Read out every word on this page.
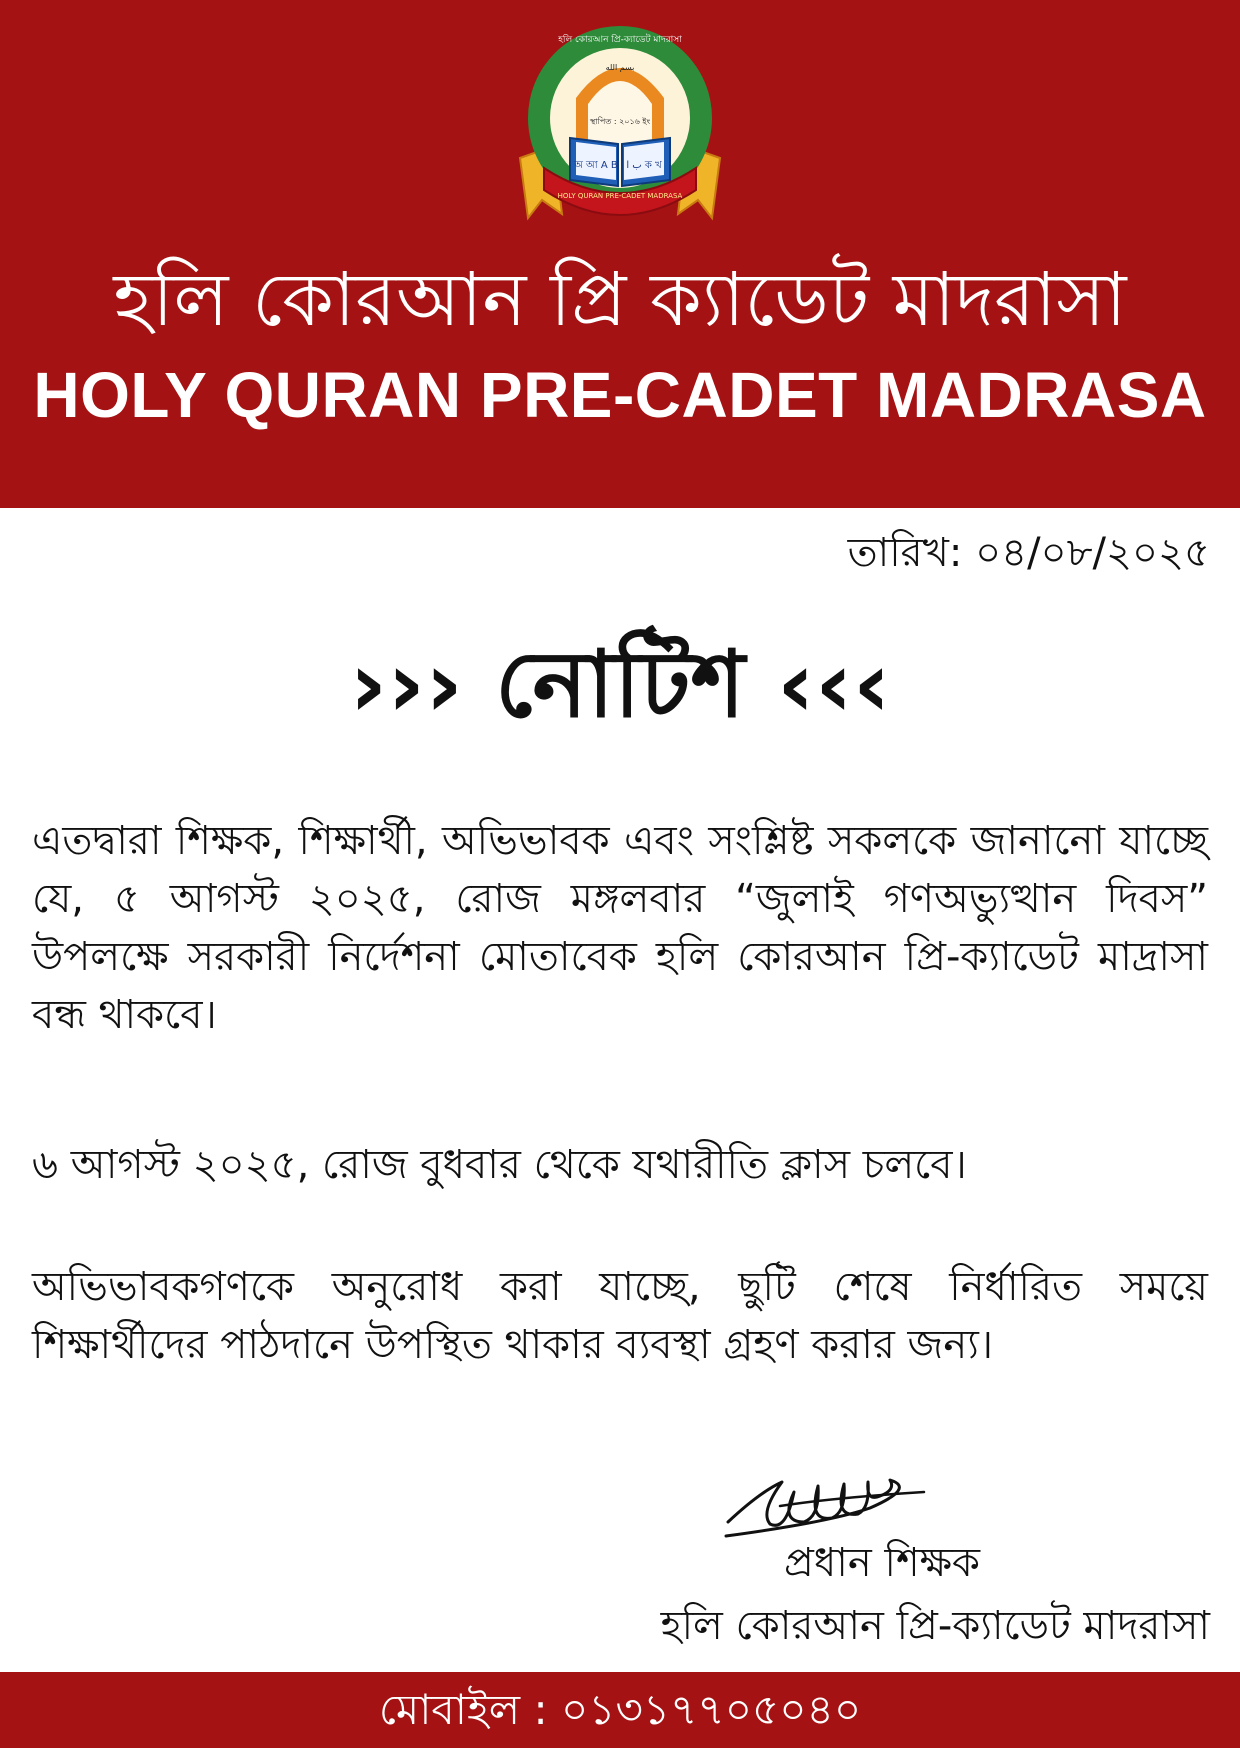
بسم الله
স্থাপিত : ২০১৬ ইং
অ আ A B ب ا ক খ
HOLY QURAN PRE-CADET MADRASA
হলি কোরআন প্রি-ক্যাডেট মাদরাসা
হলি কোরআন প্রি ক্যাডেট মাদরাসা
HOLY QURAN PRE-CADET MADRASA
তারিখ: ০৪/০৮/২০২৫
››› নোটিশ ‹‹‹

এতদ্বারা শিক্ষক, শিক্ষার্থী, অভিভাবক এবং সংশ্লিষ্ট সকলকে জানানো যাচ্ছে যে, ৫ আগস্ট ২০২৫, রোজ মঙ্গলবার “জুলাই গণঅভ্যুত্থান দিবস” উপলক্ষে সরকারী নির্দেশনা মোতাবেক হলি কোরআন প্রি-ক্যাডেট মাদ্রাসা বন্ধ থাকবে।

৬ আগস্ট ২০২৫, রোজ বুধবার থেকে যথারীতি ক্লাস চলবে।

অভিভাবকগণকে অনুরোধ করা যাচ্ছে, ছুটি শেষে নির্ধারিত সময়ে শিক্ষার্থীদের পাঠদানে উপস্থিত থাকার ব্যবস্থা গ্রহণ করার জন্য।

প্রধান শিক্ষক
হলি কোরআন প্রি-ক্যাডেট মাদরাসা
মোবাইল : ০১৩১৭৭০৫০৪০
